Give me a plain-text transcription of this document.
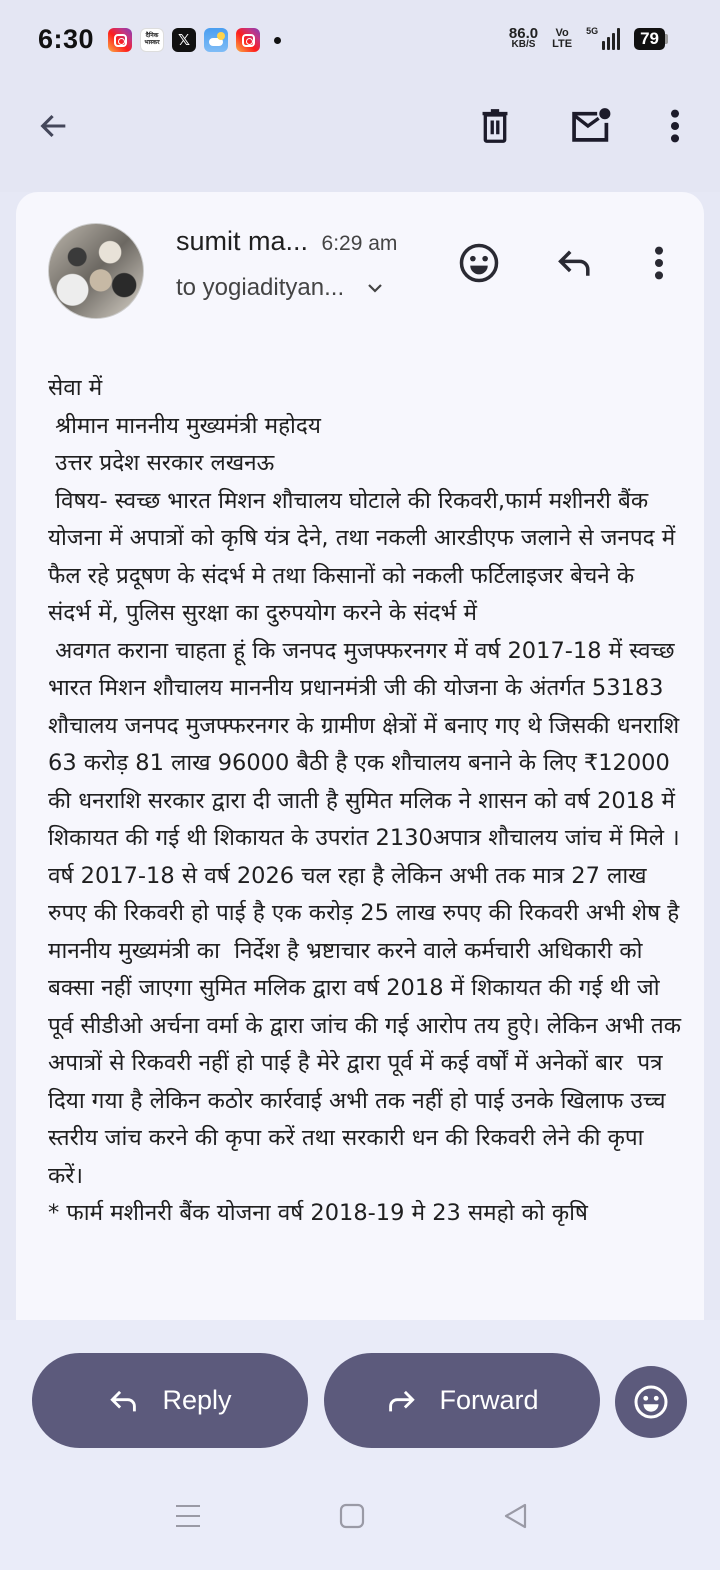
6:30	दैनिक भास्कर	𝕏	86.0
KB/S
Vo
LTE
5G	79
sumit ma... 6:29 am
to yogiadityan...

सेवा में

श्रीमान माननीय मुख्यमंत्री महोदय

उत्तर प्रदेश सरकार लखनऊ

विषय- स्वच्छ भारत मिशन शौचालय घोटाले की रिकवरी,फार्म मशीनरी बैंक योजना में अपात्रों को कृषि यंत्र देने, तथा नकली आरडीएफ जलाने से जनपद में फैल रहे प्रदूषण के संदर्भ मे तथा किसानों को नकली फर्टिलाइजर बेचने के संदर्भ में, पुलिस सुरक्षा का दुरुपयोग करने के संदर्भ में

अवगत कराना चाहता हूं कि जनपद मुजफ्फरनगर में वर्ष 2017-18 में स्वच्छ भारत मिशन शौचालय माननीय प्रधानमंत्री जी की योजना के अंतर्गत 53183 शौचालय जनपद मुजफ्फरनगर के ग्रामीण क्षेत्रों में बनाए गए थे जिसकी धनराशि 63 करोड़ 81 लाख 96000 बैठी है एक शौचालय बनाने के लिए ₹12000 की धनराशि सरकार द्वारा दी जाती है सुमित मलिक ने शासन को वर्ष 2018 में शिकायत की गई थी शिकायत के उपरांत 2130अपात्र शौचालय जांच में मिले ।वर्ष 2017-18 से वर्ष 2026 चल रहा है लेकिन अभी तक मात्र 27 लाख रुपए की रिकवरी हो पाई है एक करोड़ 25 लाख रुपए की रिकवरी अभी शेष है  माननीय मुख्यमंत्री का  निर्देश है भ्रष्टाचार करने वाले कर्मचारी अधिकारी को बक्सा नहीं जाएगा सुमित मलिक द्वारा वर्ष 2018 में शिकायत की गई थी जो पूर्व सीडीओ अर्चना वर्मा के द्वारा जांच की गई आरोप तय हुऐ। लेकिन अभी तक  अपात्रों से रिकवरी नहीं हो पाई है मेरे द्वारा पूर्व में कई वर्षों में अनेकों बार  पत्र दिया गया है लेकिन कठोर कार्रवाई अभी तक नहीं हो पाई उनके खिलाफ उच्च स्तरीय जांच करने की कृपा करें तथा सरकारी धन की रिकवरी लेने की कृपा करें।

* फार्म मशीनरी बैंक योजना वर्ष 2018-19 मे 23 समहो को कृषि

Reply	Forward
